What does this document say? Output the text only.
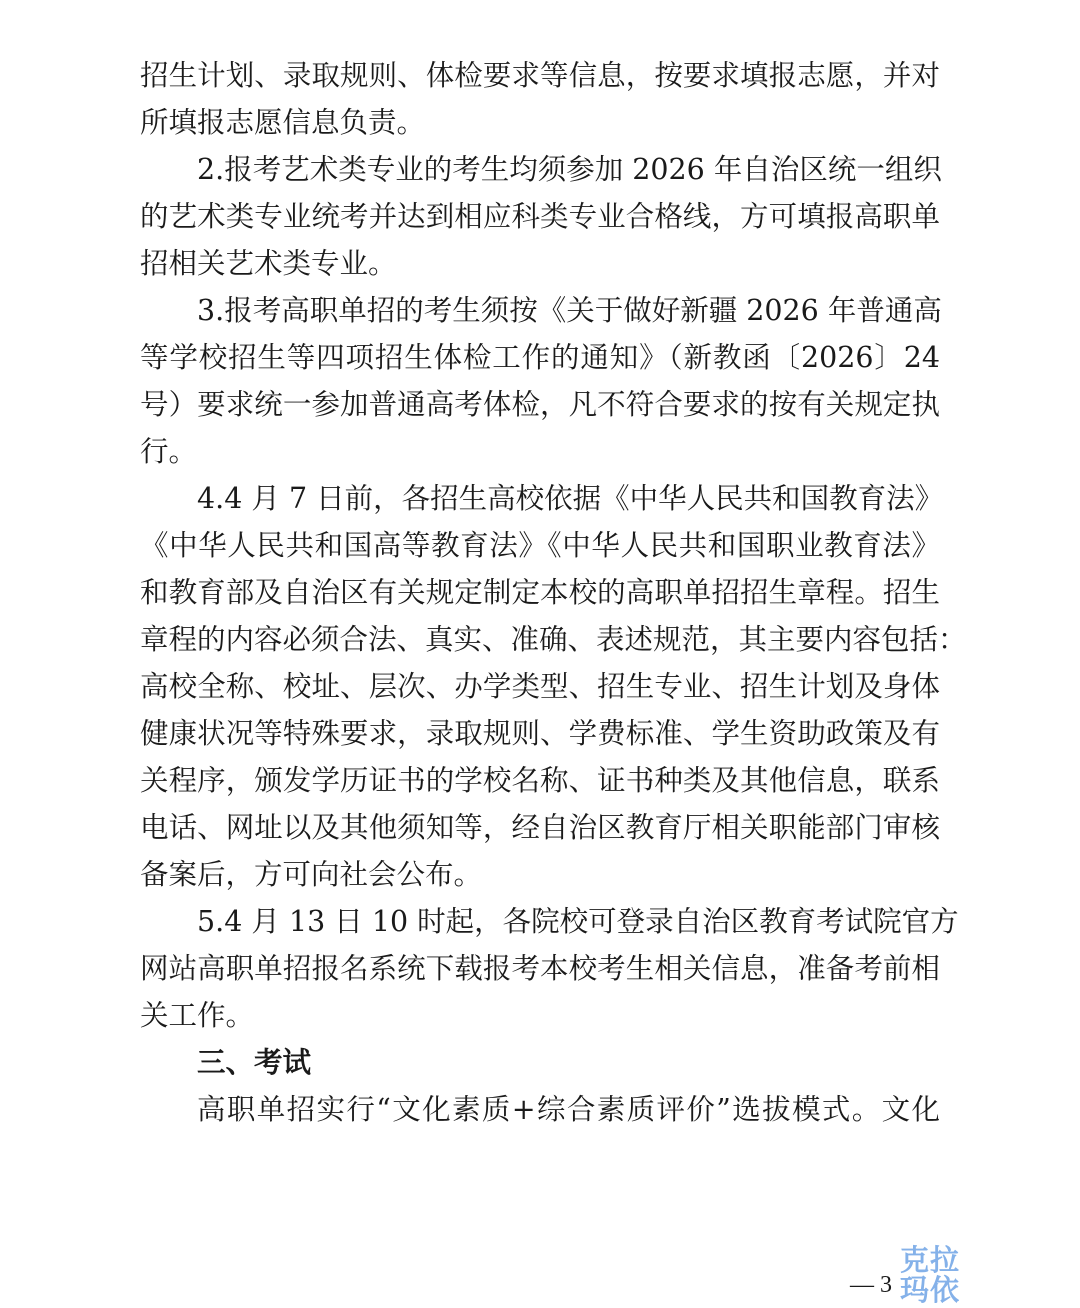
招生计划、录取规则、体检要求等信息，按要求填报志愿，并对
所填报志愿信息负责。
2.报考艺术类专业的考生均须参加 2026 年自治区统一组织
的艺术类专业统考并达到相应科类专业合格线，方可填报高职单
招相关艺术类专业。
3.报考高职单招的考生须按《关于做好新疆 2026 年普通高
等学校招生等四项招生体检工作的通知》（新教函〔2026〕24
号）要求统一参加普通高考体检，凡不符合要求的按有关规定执
行。
4.4 月 7 日前，各招生高校依据《中华人民共和国教育法》
《中华人民共和国高等教育法》《中华人民共和国职业教育法》
和教育部及自治区有关规定制定本校的高职单招招生章程。招生
章程的内容必须合法、真实、准确、表述规范，其主要内容包括：
高校全称、校址、层次、办学类型、招生专业、招生计划及身体
健康状况等特殊要求，录取规则、学费标准、学生资助政策及有
关程序，颁发学历证书的学校名称、证书种类及其他信息，联系
电话、网址以及其他须知等，经自治区教育厅相关职能部门审核
备案后，方可向社会公布。
5.4 月 13 日 10 时起，各院校可登录自治区教育考试院官方
网站高职单招报名系统下载报考本校考生相关信息，准备考前相
关工作。
三、考试
高职单招实行“文化素质+综合素质评价”选拔模式。文化
— 3
克拉
玛依
